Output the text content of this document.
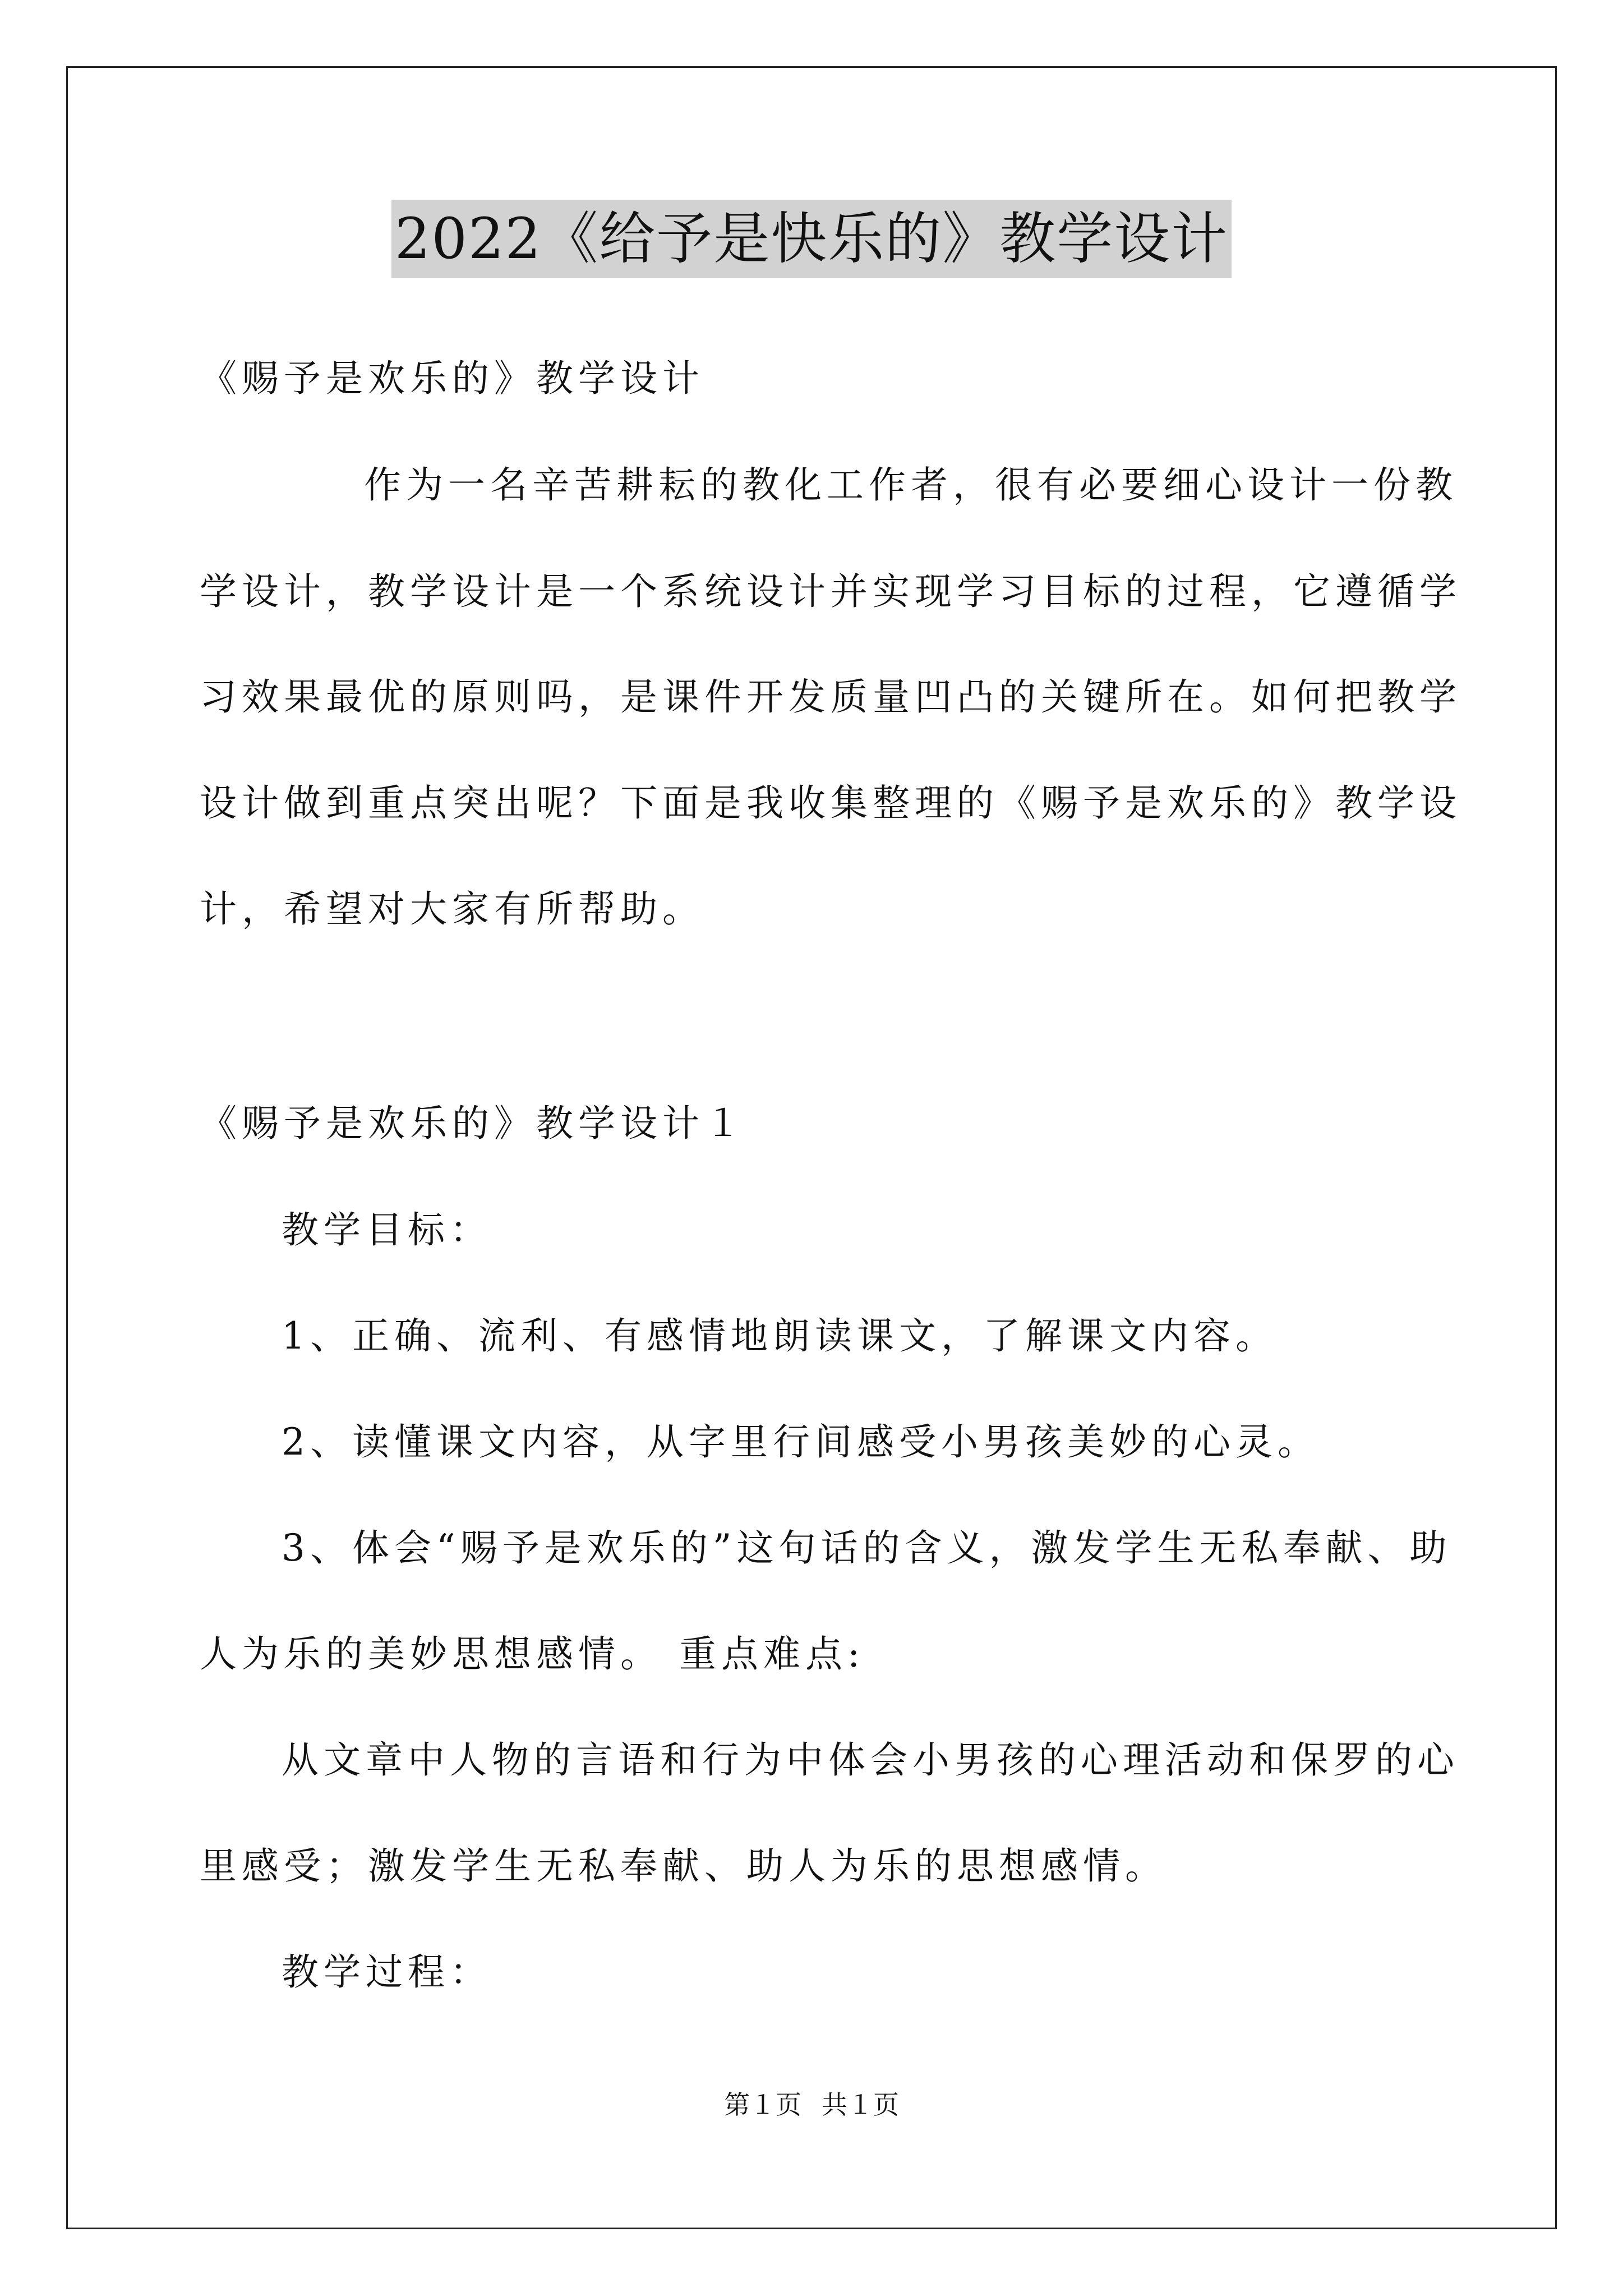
2022《给予是快乐的》教学设计
《赐予是欢乐的》教学设计
作为一名辛苦耕耘的教化工作者，很有必要细心设计一份教
学设计，教学设计是一个系统设计并实现学习目标的过程，它遵循学
习效果最优的原则吗，是课件开发质量凹凸的关键所在。如何把教学
设计做到重点突出呢？下面是我收集整理的《赐予是欢乐的》教学设
计，希望对大家有所帮助。
《赐予是欢乐的》教学设计１
教学目标：
1、正确、流利、有感情地朗读课文，了解课文内容。
2、读懂课文内容，从字里行间感受小男孩美妙的心灵。
3、体会“赐予是欢乐的”这句话的含义，激发学生无私奉献、助
人为乐的美妙思想感情。 重点难点:
从文章中人物的言语和行为中体会小男孩的心理活动和保罗的心
里感受；激发学生无私奉献、助人为乐的思想感情。
教学过程：
第１页 共１页
